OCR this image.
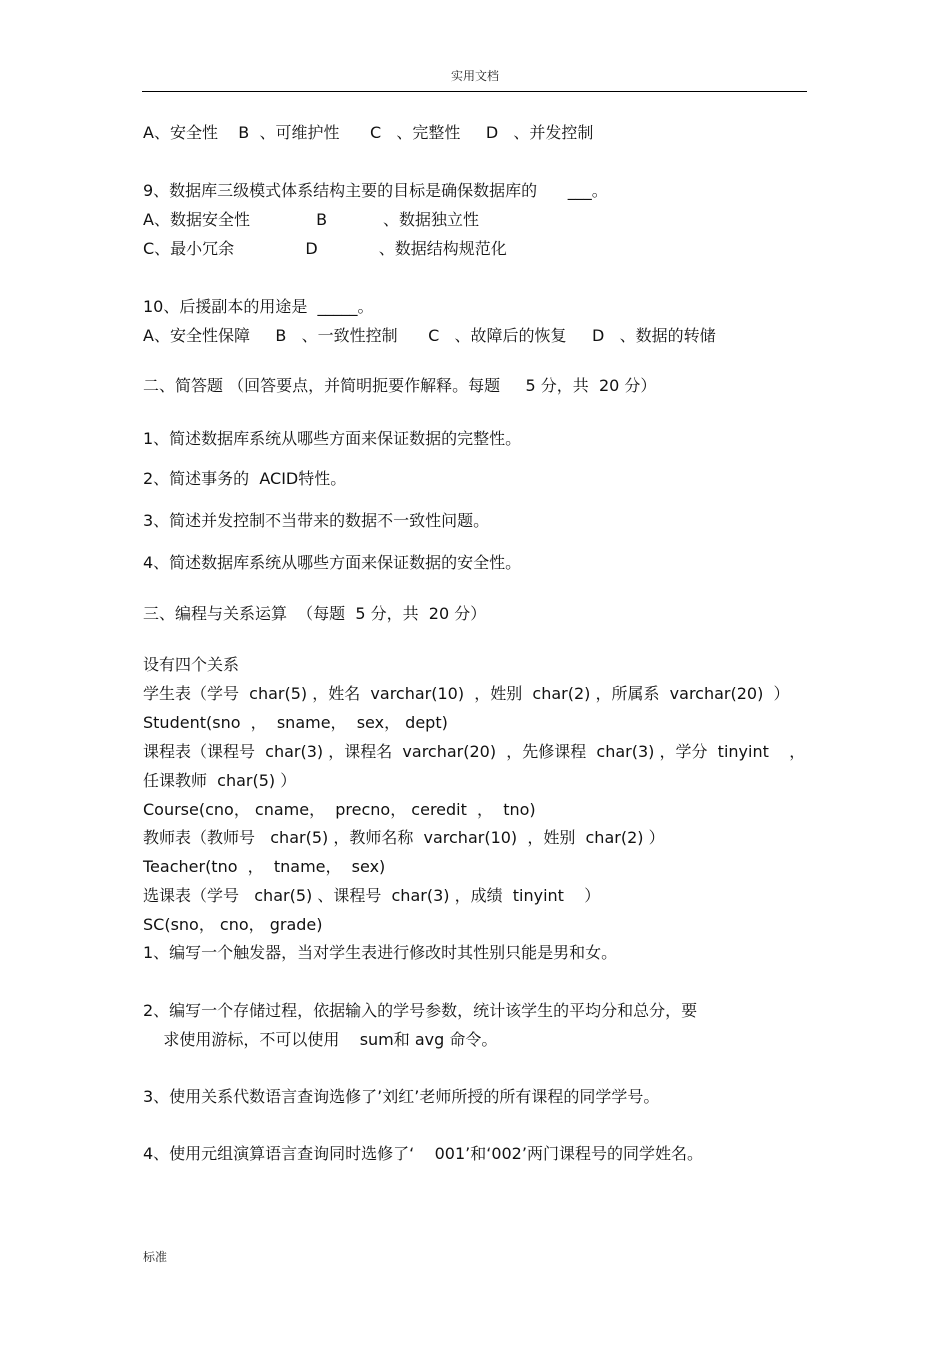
实用文档
A、安全性    B  、可维护性      C   、完整性     D   、并发控制
9、数据库三级模式体系结构主要的目标是确保数据库的      ___。
A、数据安全性             B           、数据独立性
C、最小冗余              D            、数据结构规范化
10、后援副本的用途是  _____。
A、安全性保障     B   、一致性控制      C   、故障后的恢复     D   、数据的转储
二、简答题 （回答要点，并简明扼要作解释。每题     5 分，共  20 分）
1、简述数据库系统从哪些方面来保证数据的完整性。
2、简述事务的  ACID特性。
3、简述并发控制不当带来的数据不一致性问题。
4、简述数据库系统从哪些方面来保证数据的安全性。
三、编程与关系运算  （每题  5 分，共  20 分）
设有四个关系
学生表（学号  char(5) ，姓名  varchar(10)  ，姓别  char(2) ，所属系  varchar(20)  ）
Student(sno  ，  sname，  sex， dept)
课程表（课程号  char(3) ，课程名  varchar(20)  ，先修课程  char(3) ，学分  tinyint    ，
任课教师  char(5) ）
Course(cno， cname，  precno， ceredit  ，  tno)
教师表（教师号   char(5) ，教师名称  varchar(10)  ，姓别  char(2) ）
Teacher(tno  ，  tname，  sex)
选课表（学号   char(5) 、课程号  char(3) ，成绩  tinyint    ）
SC(sno， cno， grade)
1、编写一个触发器，当对学生表进行修改时其性别只能是男和女。
2、编写一个存储过程，依据输入的学号参数，统计该学生的平均分和总分，要
求使用游标，不可以使用    sum和 avg 命令。
3、使用关系代数语言查询选修了’刘红’老师所授的所有课程的同学学号。
4、使用元组演算语言查询同时选修了‘    001’和‘002’两门课程号的同学姓名。
标准
